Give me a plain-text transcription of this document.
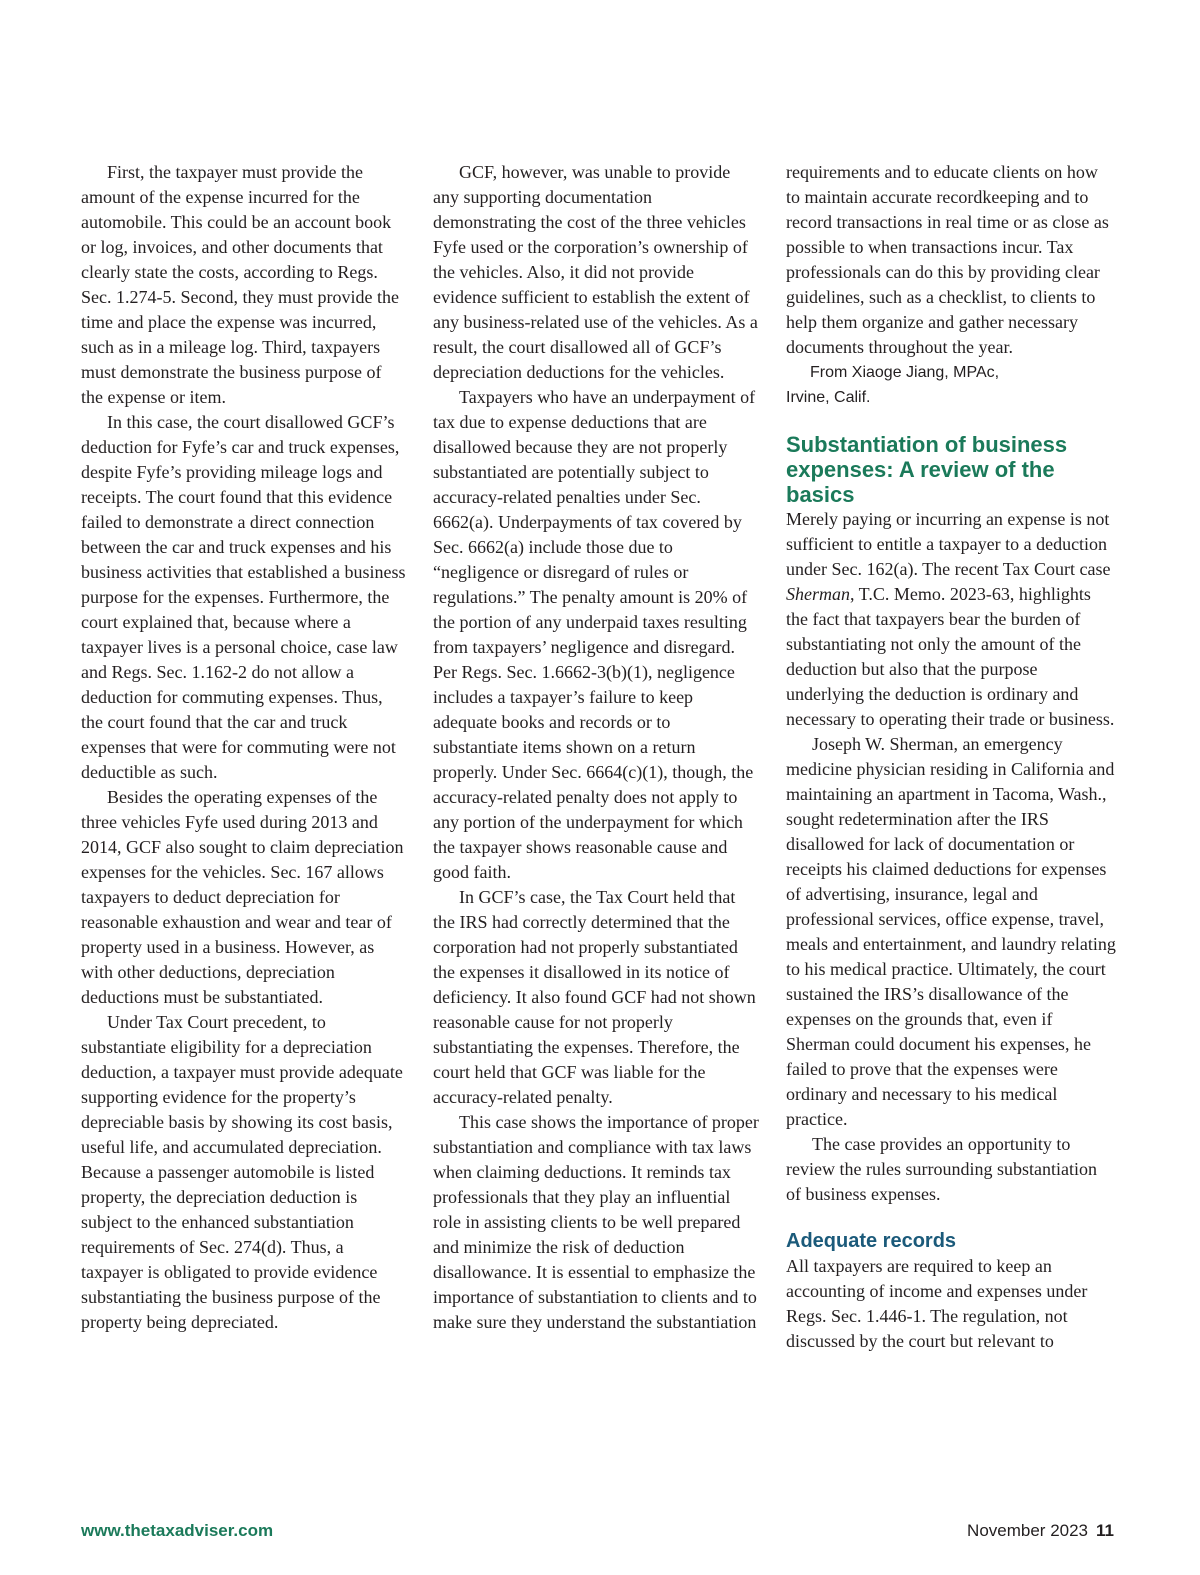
First, the taxpayer must provide the amount of the expense incurred for the automobile. This could be an account book or log, invoices, and other documents that clearly state the costs, according to Regs. Sec. 1.274-5. Second, they must provide the time and place the expense was incurred, such as in a mileage log. Third, taxpayers must demonstrate the business purpose of the expense or item.

In this case, the court disallowed GCF’s deduction for Fyfe’s car and truck expenses, despite Fyfe’s providing mileage logs and receipts. The court found that this evidence failed to demonstrate a direct connection between the car and truck expenses and his business activities that established a business purpose for the expenses. Furthermore, the court explained that, because where a taxpayer lives is a personal choice, case law and Regs. Sec. 1.162-2 do not allow a deduction for commuting expenses. Thus, the court found that the car and truck expenses that were for commuting were not deductible as such.

Besides the operating expenses of the three vehicles Fyfe used during 2013 and 2014, GCF also sought to claim depreciation expenses for the vehicles. Sec. 167 allows taxpayers to deduct depreciation for reasonable exhaustion and wear and tear of property used in a business. However, as with other deductions, depreciation deductions must be substantiated.

Under Tax Court precedent, to substantiate eligibility for a depreciation deduction, a taxpayer must provide adequate supporting evidence for the property’s depreciable basis by showing its cost basis, useful life, and accumulated depreciation. Because a passenger automobile is listed property, the depreciation deduction is subject to the enhanced substantiation requirements of Sec. 274(d). Thus, a taxpayer is obligated to provide evidence substantiating the business purpose of the property being depreciated.

GCF, however, was unable to provide any supporting documentation demonstrating the cost of the three vehicles Fyfe used or the corporation’s ownership of the vehicles. Also, it did not provide evidence sufficient to establish the extent of any business-related use of the vehicles. As a result, the court disallowed all of GCF’s depreciation deductions for the vehicles.

Taxpayers who have an underpayment of tax due to expense deductions that are disallowed because they are not properly substantiated are potentially subject to accuracy-related penalties under Sec. 6662(a). Underpayments of tax covered by Sec. 6662(a) include those due to “negligence or disregard of rules or regulations.” The penalty amount is 20% of the portion of any underpaid taxes resulting from taxpayers’ negligence and disregard. Per Regs. Sec. 1.6662-3(b)(1), negligence includes a taxpayer’s failure to keep adequate books and records or to substantiate items shown on a return properly. Under Sec. 6664(c)(1), though, the accuracy-related penalty does not apply to any portion of the underpayment for which the taxpayer shows reasonable cause and good faith.

In GCF’s case, the Tax Court held that the IRS had correctly determined that the corporation had not properly substantiated the expenses it disallowed in its notice of deficiency. It also found GCF had not shown reasonable cause for not properly substantiating the expenses. Therefore, the court held that GCF was liable for the accuracy-related penalty.

This case shows the importance of proper substantiation and compliance with tax laws when claiming deductions. It reminds tax professionals that they play an influential role in assisting clients to be well prepared and minimize the risk of deduction disallowance. It is essential to emphasize the importance of substantiation to clients and to make sure they understand the substantiation

requirements and to educate clients on how to maintain accurate recordkeeping and to record transactions in real time or as close as possible to when transactions incur. Tax professionals can do this by providing clear guidelines, such as a checklist, to clients to help them organize and gather necessary documents throughout the year.

From Xiaoge Jiang, MPAc,
Irvine, Calif.
Substantiation of business expenses: A review of the basics

Merely paying or incurring an expense is not sufficient to entitle a taxpayer to a deduction under Sec. 162(a). The recent Tax Court case Sherman, T.C. Memo. 2023-63, highlights the fact that taxpayers bear the burden of substantiating not only the amount of the deduction but also that the purpose underlying the deduction is ordinary and necessary to operating their trade or business.

Joseph W. Sherman, an emergency medicine physician residing in California and maintaining an apartment in Tacoma, Wash., sought redetermination after the IRS disallowed for lack of documentation or receipts his claimed deductions for expenses of advertising, insurance, legal and professional services, office expense, travel, meals and entertainment, and laundry relating to his medical practice. Ultimately, the court sustained the IRS’s disallowance of the expenses on the grounds that, even if Sherman could document his expenses, he failed to prove that the expenses were ordinary and necessary to his medical practice.

The case provides an opportunity to review the rules surrounding substantiation of business expenses.

Adequate records

All taxpayers are required to keep an accounting of income and expenses under Regs. Sec. 1.446-1. The regulation, not discussed by the court but relevant to

www.thetaxadviser.com	November 2023 11
